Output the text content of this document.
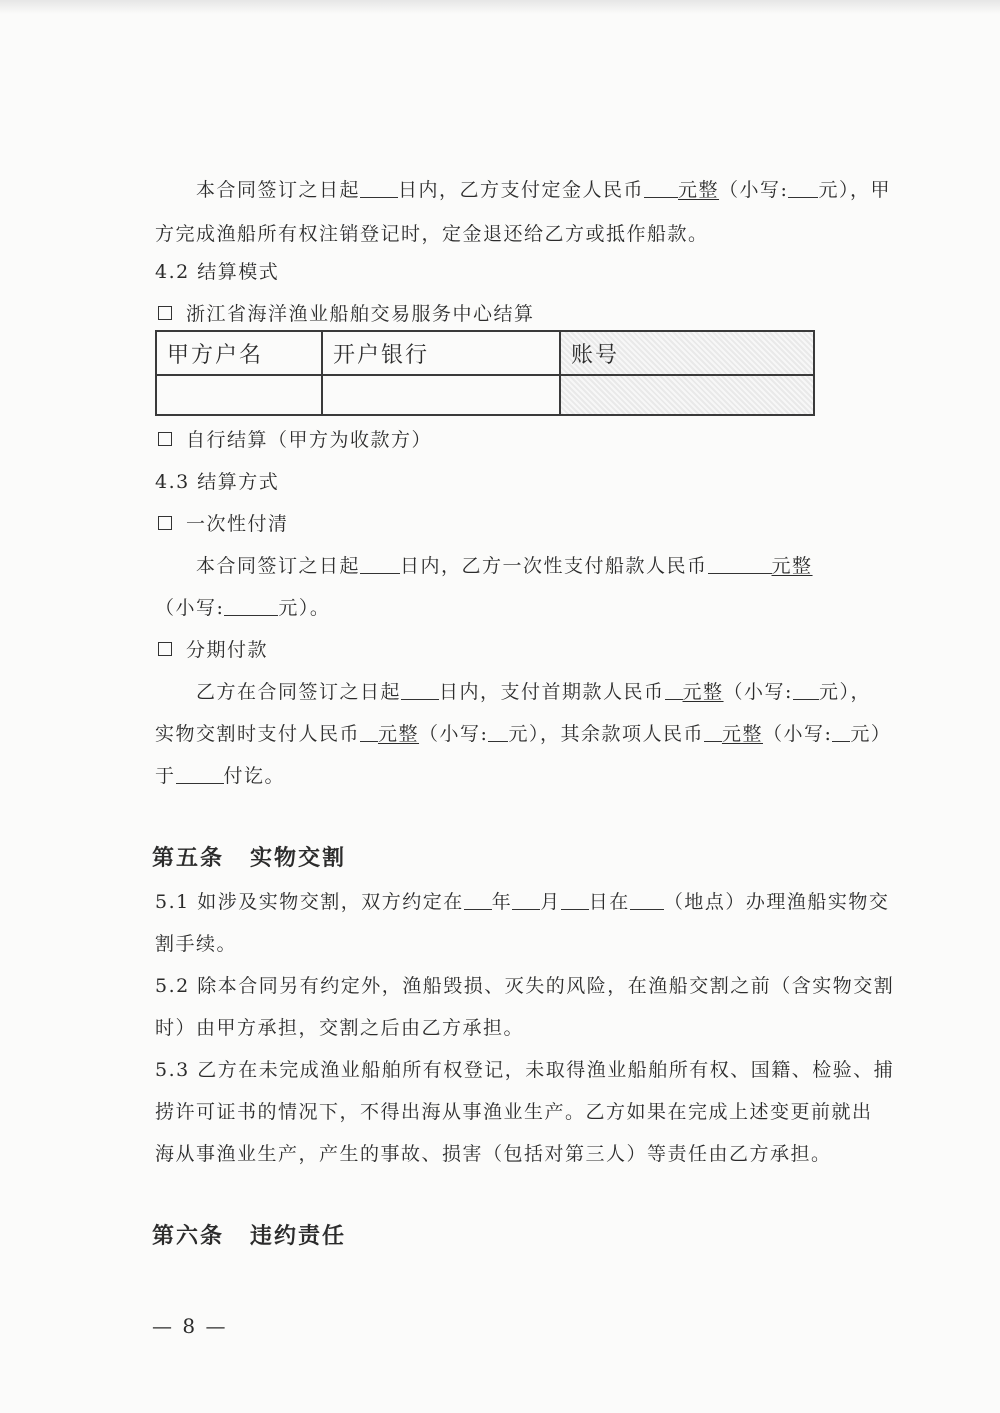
本合同签订之日起 日内，乙方支付定金人民币 元整（小写: 元），甲
方完成渔船所有权注销登记时，定金退还给乙方或抵作船款。
4.2 结算模式
浙江省海洋渔业船舶交易服务中心结算
甲方户名	开户银行	账号

自行结算（甲方为收款方）
4.3 结算方式
一次性付清
本合同签订之日起 日内，乙方一次性支付船款人民币	元整
（小写:	元）。
分期付款
乙方在合同签订之日起 日内，支付首期款人民币 元整（小写: 元），
实物交割时支付人民币 元整（小写: 元），其余款项人民币 元整（小写: 元）
于	付讫。
第五条 实物交割
5.1 如涉及实物交割，双方约定在 年 月 日在 （地点）办理渔船实物交
割手续。
5.2 除本合同另有约定外，渔船毁损、灭失的风险，在渔船交割之前（含实物交割
时）由甲方承担，交割之后由乙方承担。
5.3 乙方在未完成渔业船舶所有权登记，未取得渔业船舶所有权、国籍、检验、捕
捞许可证书的情况下，不得出海从事渔业生产。乙方如果在完成上述变更前就出
海从事渔业生产，产生的事故、损害（包括对第三人）等责任由乙方承担。
第六条 违约责任
— 8 —
